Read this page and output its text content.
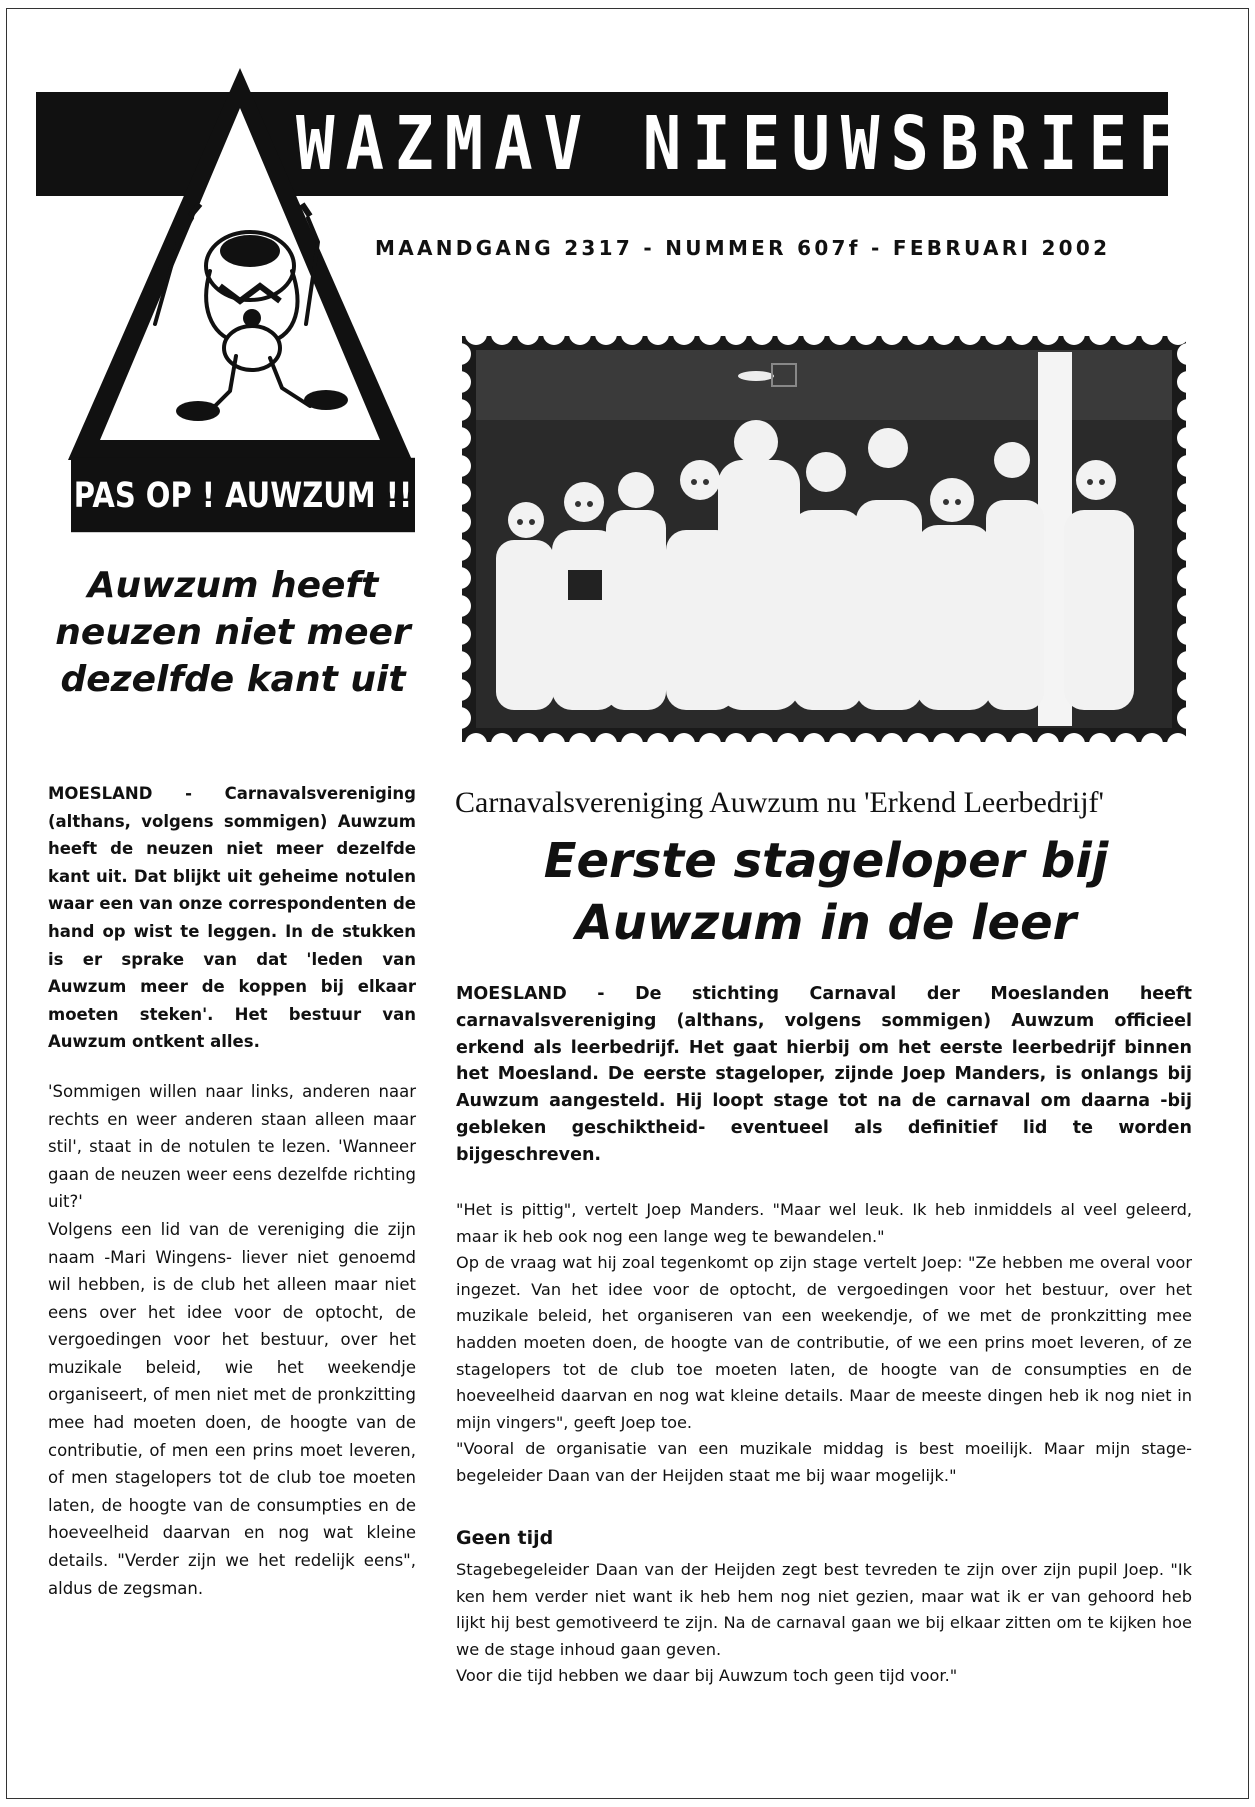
WAZMAV NIEUWSBRIEF
PAS OP ! AUWZUM !!
MAANDGANG 2317 - NUMMER 607f - FEBRUARI 2002
Auwzum heeft neuzen niet meer dezelfde kant uit

MOESLAND - Carnavalsvereniging (althans, volgens sommigen) Auwzum heeft de neuzen niet meer dezelfde kant uit. Dat blijkt uit geheime notulen waar een van onze correspondenten de hand op wist te leggen. In de stukken is er sprake van dat 'leden van Auwzum meer de koppen bij elkaar moeten steken'. Het bestuur van Auwzum ontkent alles.

'Sommigen willen naar links, anderen naar rechts en weer anderen staan alleen maar stil', staat in de notulen te lezen. 'Wanneer gaan de neuzen weer eens dezelfde richting uit?'

Volgens een lid van de vereniging die zijn naam -Mari Wingens- liever niet genoemd wil hebben, is de club het alleen maar niet eens over het idee voor de optocht, de vergoedingen voor het bestuur, over het muzikale beleid, wie het weekendje organiseert, of men niet met de pronkzitting mee had moeten doen, de hoogte van de contributie, of men een prins moet leveren, of men stagelopers tot de club toe moeten laten, de hoogte van de consumpties en de hoeveelheid daarvan en nog wat kleine details. "Verder zijn we het redelijk eens", aldus de zegsman.

Carnavalsvereniging Auwzum nu 'Erkend Leerbedrijf'
Eerste stageloper bij Auwzum in de leer
MOESLAND - De stichting Carnaval der Moeslanden heeft carnavalsvereniging (althans, volgens sommigen) Auwzum officieel erkend als leerbedrijf. Het gaat hierbij om het eerste leerbedrijf binnen het Moesland. De eerste stageloper, zijnde Joep Manders, is onlangs bij Auwzum aangesteld. Hij loopt stage tot na de carnaval om daarna -bij gebleken geschiktheid- eventueel als definitief lid te worden bijgeschreven.

"Het is pittig", vertelt Joep Manders. "Maar wel leuk. Ik heb inmiddels al veel geleerd, maar ik heb ook nog een lange weg te bewandelen."

Op de vraag wat hij zoal tegenkomt op zijn stage vertelt Joep: "Ze hebben me overal voor ingezet. Van het idee voor de optocht, de vergoedingen voor het bestuur, over het muzikale beleid, het organiseren van een weekendje, of we met de pronkzitting mee hadden moeten doen, de hoogte van de contributie, of we een prins moet leveren, of ze stagelopers tot de club toe moeten laten, de hoogte van de consumpties en de hoeveelheid daarvan en nog wat kleine details. Maar de meeste dingen heb ik nog niet in mijn vingers", geeft Joep toe.

"Vooral de organisatie van een muzikale middag is best moeilijk. Maar mijn stage-begeleider Daan van der Heijden staat me bij waar mogelijk."

Geen tijd

Stagebegeleider Daan van der Heijden zegt best tevreden te zijn over zijn pupil Joep. "Ik ken hem verder niet want ik heb hem nog niet gezien, maar wat ik er van gehoord heb lijkt hij best gemotiveerd te zijn. Na de carnaval gaan we bij elkaar zitten om te kijken hoe we de stage inhoud gaan geven.

Voor die tijd hebben we daar bij Auwzum toch geen tijd voor."
